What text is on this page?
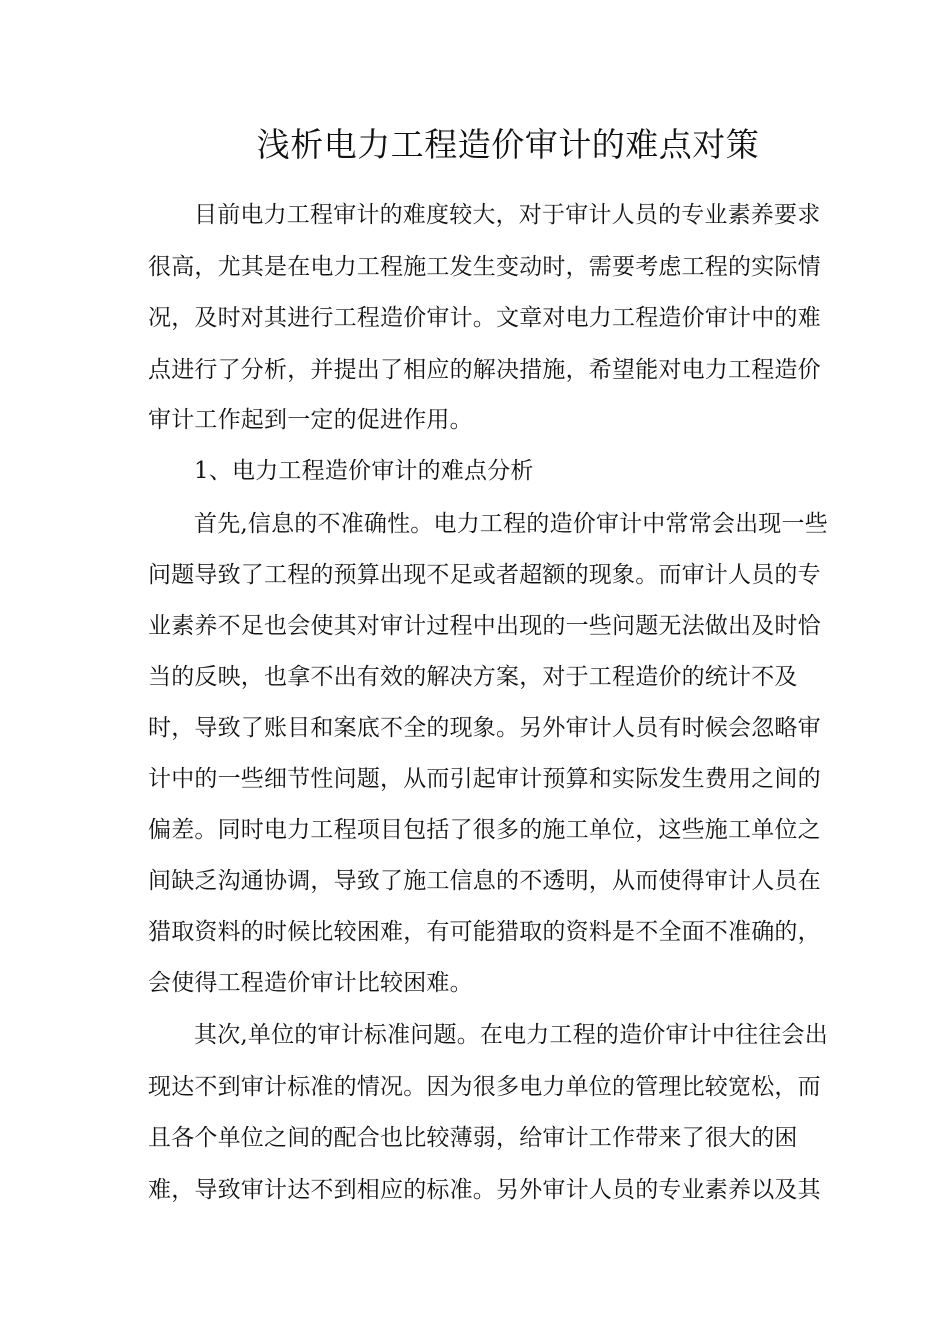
浅析电力工程造价审计的难点对策
目前电力工程审计的难度较大，对于审计人员的专业素养要求
很高，尤其是在电力工程施工发生变动时，需要考虑工程的实际情
况，及时对其进行工程造价审计。文章对电力工程造价审计中的难
点进行了分析，并提出了相应的解决措施，希望能对电力工程造价
审计工作起到一定的促进作用。
1、电力工程造价审计的难点分析
首先,信息的不准确性。电力工程的造价审计中常常会出现一些
问题导致了工程的预算出现不足或者超额的现象。而审计人员的专
业素养不足也会使其对审计过程中出现的一些问题无法做出及时恰
当的反映，也拿不出有效的解决方案，对于工程造价的统计不及
时，导致了账目和案底不全的现象。另外审计人员有时候会忽略审
计中的一些细节性问题，从而引起审计预算和实际发生费用之间的
偏差。同时电力工程项目包括了很多的施工单位，这些施工单位之
间缺乏沟通协调，导致了施工信息的不透明，从而使得审计人员在
猎取资料的时候比较困难，有可能猎取的资料是不全面不准确的，
会使得工程造价审计比较困难。
其次,单位的审计标准问题。在电力工程的造价审计中往往会出
现达不到审计标准的情况。因为很多电力单位的管理比较宽松，而
且各个单位之间的配合也比较薄弱，给审计工作带来了很大的困
难，导致审计达不到相应的标准。另外审计人员的专业素养以及其
